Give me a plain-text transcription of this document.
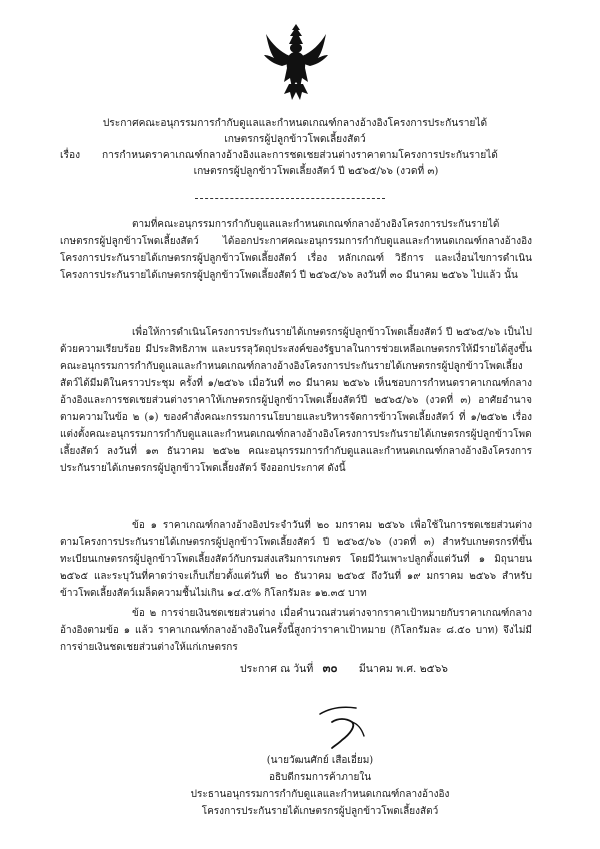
ประกาศคณะอนุกรรมการกำกับดูแลและกำหนดเกณฑ์กลางอ้างอิงโครงการประกันรายได้
เกษตรกรผู้ปลูกข้าวโพดเลี้ยงสัตว์
เรื่อง	การกำหนดราคาเกณฑ์กลางอ้างอิงและการชดเชยส่วนต่างราคาตามโครงการประกันรายได้
เกษตรกรผู้ปลูกข้าวโพดเลี้ยงสัตว์ ปี ๒๕๖๕/๖๖ (งวดที่ ๓)

ตามที่คณะอนุกรรมการกำกับดูแลและกำหนดเกณฑ์กลางอ้างอิงโครงการประกันรายได้เกษตรกรผู้ปลูกข้าวโพดเลี้ยงสัตว์ ได้ออกประกาศคณะอนุกรรมการกำกับดูแลและกำหนดเกณฑ์กลางอ้างอิงโครงการประกันรายได้เกษตรกรผู้ปลูกข้าวโพดเลี้ยงสัตว์ เรื่อง หลักเกณฑ์ วิธีการ และเงื่อนไขการดำเนินโครงการประกันรายได้เกษตรกรผู้ปลูกข้าวโพดเลี้ยงสัตว์ ปี ๒๕๖๕/๖๖ ลงวันที่ ๓๐ มีนาคม ๒๕๖๖ ไปแล้ว นั้น

เพื่อให้การดำเนินโครงการประกันรายได้เกษตรกรผู้ปลูกข้าวโพดเลี้ยงสัตว์ ปี ๒๕๖๕/๖๖ เป็นไปด้วยความเรียบร้อย มีประสิทธิภาพ และบรรลุวัตถุประสงค์ของรัฐบาลในการช่วยเหลือเกษตรกรให้มีรายได้สูงขึ้น คณะอนุกรรมการกำกับดูแลและกำหนดเกณฑ์กลางอ้างอิงโครงการประกันรายได้เกษตรกรผู้ปลูกข้าวโพดเลี้ยงสัตว์ได้มีมติในคราวประชุม ครั้งที่ ๑/๒๕๖๖ เมื่อวันที่ ๓๐ มีนาคม ๒๕๖๖ เห็นชอบการกำหนดราคาเกณฑ์กลางอ้างอิงและการชดเชยส่วนต่างราคาให้เกษตรกรผู้ปลูกข้าวโพดเลี้ยงสัตว์ปี ๒๕๖๕/๖๖ (งวดที่ ๓) อาศัยอำนาจตามความในข้อ ๒ (๑) ของคำสั่งคณะกรรมการนโยบายและบริหารจัดการข้าวโพดเลี้ยงสัตว์ ที่ ๑/๒๕๖๒ เรื่อง แต่งตั้งคณะอนุกรรมการกำกับดูแลและกำหนดเกณฑ์กลางอ้างอิงโครงการประกันรายได้เกษตรกรผู้ปลูกข้าวโพดเลี้ยงสัตว์ ลงวันที่ ๑๓ ธันวาคม ๒๕๖๒ คณะอนุกรรมการกำกับดูแลและกำหนดเกณฑ์กลางอ้างอิงโครงการประกันรายได้เกษตรกรผู้ปลูกข้าวโพดเลี้ยงสัตว์ จึงออกประกาศ ดังนี้

ข้อ ๑ ราคาเกณฑ์กลางอ้างอิงประจำวันที่ ๒๐ มกราคม ๒๕๖๖ เพื่อใช้ในการชดเชยส่วนต่างตามโครงการประกันรายได้เกษตรกรผู้ปลูกข้าวโพดเลี้ยงสัตว์ ปี ๒๕๖๕/๖๖ (งวดที่ ๓) สำหรับเกษตรกรที่ขึ้นทะเบียนเกษตรกรผู้ปลูกข้าวโพดเลี้ยงสัตว์กับกรมส่งเสริมการเกษตร โดยมีวันเพาะปลูกตั้งแต่วันที่ ๑ มิถุนายน ๒๕๖๕ และระบุวันที่คาดว่าจะเก็บเกี่ยวตั้งแต่วันที่ ๒๐ ธันวาคม ๒๕๖๕ ถึงวันที่ ๑๙ มกราคม ๒๕๖๖ สำหรับข้าวโพดเลี้ยงสัตว์เมล็ดความชื้นไม่เกิน ๑๔.๕% กิโลกรัมละ ๑๒.๓๕ บาท

ข้อ ๒ การจ่ายเงินชดเชยส่วนต่าง เมื่อคำนวณส่วนต่างจากราคาเป้าหมายกับราคาเกณฑ์กลางอ้างอิงตามข้อ ๑ แล้ว ราคาเกณฑ์กลางอ้างอิงในครั้งนี้สูงกว่าราคาเป้าหมาย (กิโลกรัมละ ๘.๕๐ บาท) จึงไม่มีการจ่ายเงินชดเชยส่วนต่างให้แก่เกษตรกร

ประกาศ ณ วันที่ ๓๐ มีนาคม พ.ศ. ๒๕๖๖
(นายวัฒนศักย์ เสือเอี่ยม)
อธิบดีกรมการค้าภายใน
ประธานอนุกรรมการกำกับดูแลและกำหนดเกณฑ์กลางอ้างอิง
โครงการประกันรายได้เกษตรกรผู้ปลูกข้าวโพดเลี้ยงสัตว์
